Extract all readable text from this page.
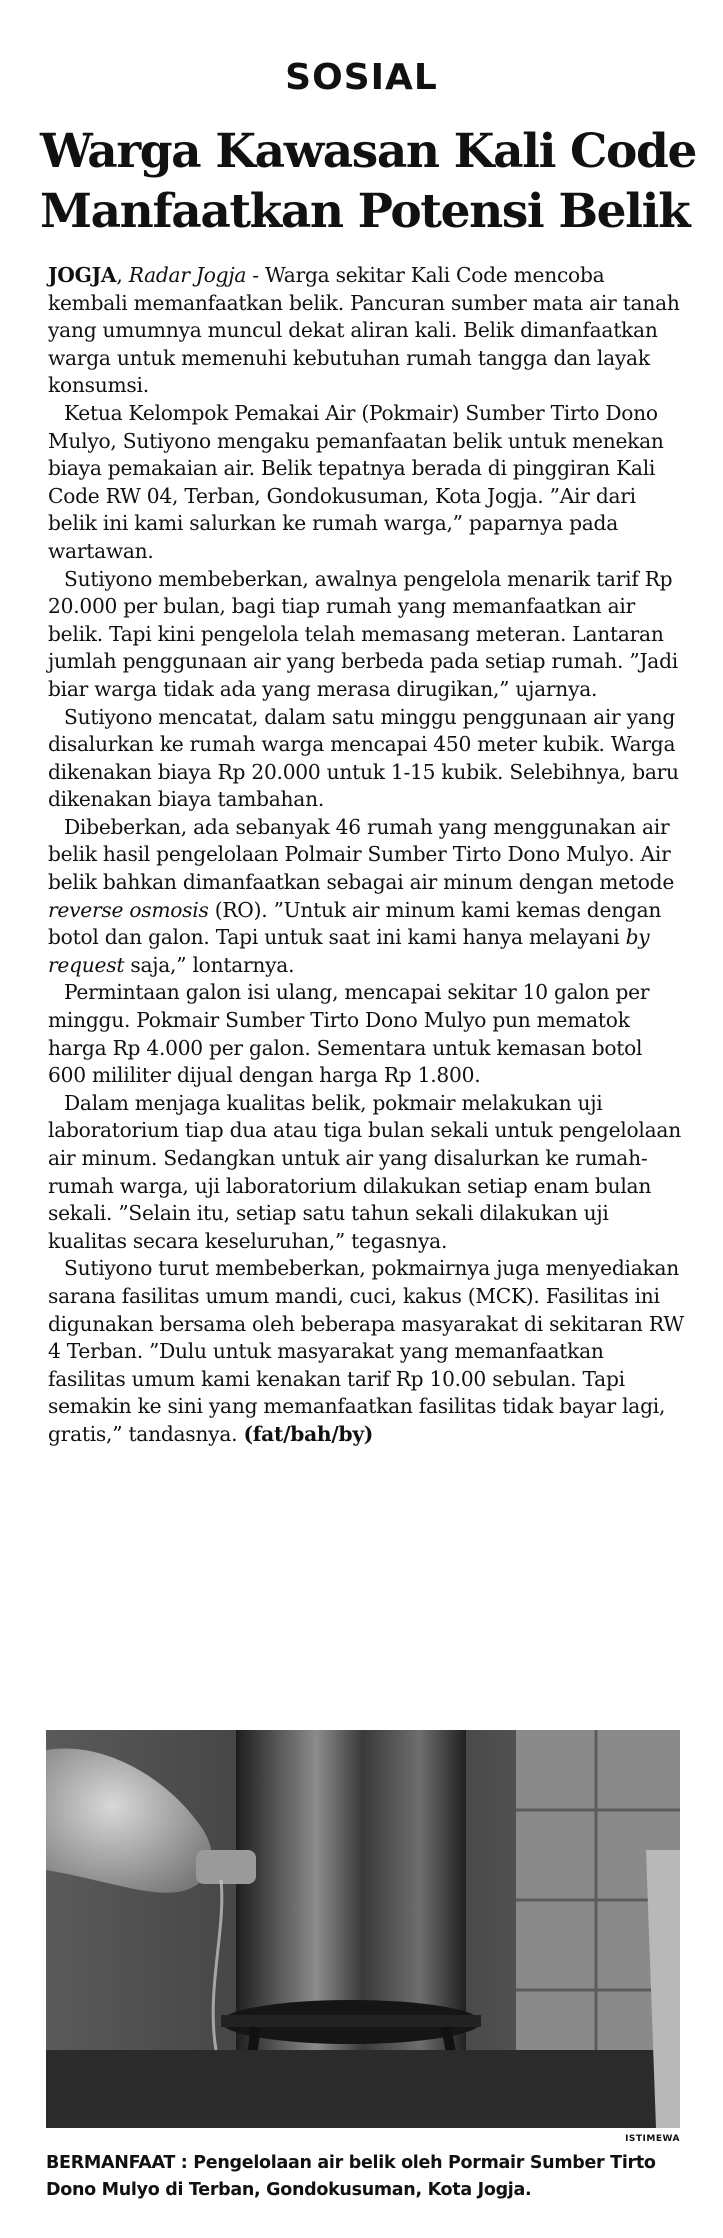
SOSIAL
Warga Kawasan Kali Code
Manfaatkan Potensi Belik

JOGJA, Radar Jogja - Warga sekitar Kali Code mencoba kembali memanfaatkan belik. Pancuran sumber mata air tanah yang umumnya muncul dekat aliran kali. Belik dimanfaatkan warga untuk memenuhi kebutuhan rumah tangga dan layak konsumsi.

Ketua Kelompok Pemakai Air (Pokmair) Sumber Tirto Dono Mulyo, Sutiyono mengaku pemanfaatan belik untuk menekan biaya pemakaian air. Belik tepatnya berada di pinggiran Kali Code RW 04, Terban, Gondokusuman, Kota Jogja. ”Air dari belik ini kami salurkan ke rumah warga,” paparnya pada wartawan.

Sutiyono membeberkan, awalnya pengelola menarik tarif Rp 20.000 per bulan, bagi tiap rumah yang memanfaatkan air belik. Tapi kini pengelola telah memasang meteran. Lantaran jumlah penggunaan air yang berbeda pada setiap rumah. ”Jadi biar warga tidak ada yang merasa dirugikan,” ujarnya.

Sutiyono mencatat, dalam satu minggu penggunaan air yang disalurkan ke rumah warga mencapai 450 meter kubik. Warga dikenakan biaya Rp 20.000 untuk 1-15 kubik. Selebihnya, baru dikenakan biaya tambahan.

Dibeberkan, ada sebanyak 46 rumah yang menggunakan air belik hasil pengelolaan Polmair Sumber Tirto Dono Mulyo. Air belik bahkan dimanfaatkan sebagai air minum dengan metode reverse osmosis (RO). ”Untuk air minum kami kemas dengan botol dan galon. Tapi untuk saat ini kami hanya melayani by request saja,” lontarnya.

Permintaan galon isi ulang, mencapai sekitar 10 galon per minggu. Pokmair Sumber Tirto Dono Mulyo pun mematok harga Rp 4.000 per galon. Sementara untuk kemasan botol 600 mililiter dijual dengan harga Rp 1.800.

Dalam menjaga kualitas belik, pokmair melakukan uji laboratorium tiap dua atau tiga bulan sekali untuk pengelolaan air minum. Sedangkan untuk air yang disalurkan ke rumah-rumah warga, uji laboratorium dilakukan setiap enam bulan sekali. ”Selain itu, setiap satu tahun sekali dilakukan uji kualitas secara keseluruhan,” tegasnya.

Sutiyono turut membeberkan, pokmairnya juga menyediakan sarana fasilitas umum mandi, cuci, kakus (MCK). Fasilitas ini digunakan bersama oleh beberapa masyarakat di sekitaran RW 4 Terban. ”Dulu untuk masyarakat yang memanfaatkan fasilitas umum kami kenakan tarif Rp 10.00 sebulan. Tapi semakin ke sini yang memanfaatkan fasilitas tidak bayar lagi, gratis,” tandasnya. (fat/bah/by)

ISTIMEWA
BERMANFAAT : Pengelolaan air belik oleh Pormair Sumber Tirto Dono Mulyo di Terban, Gondokusuman, Kota Jogja.
